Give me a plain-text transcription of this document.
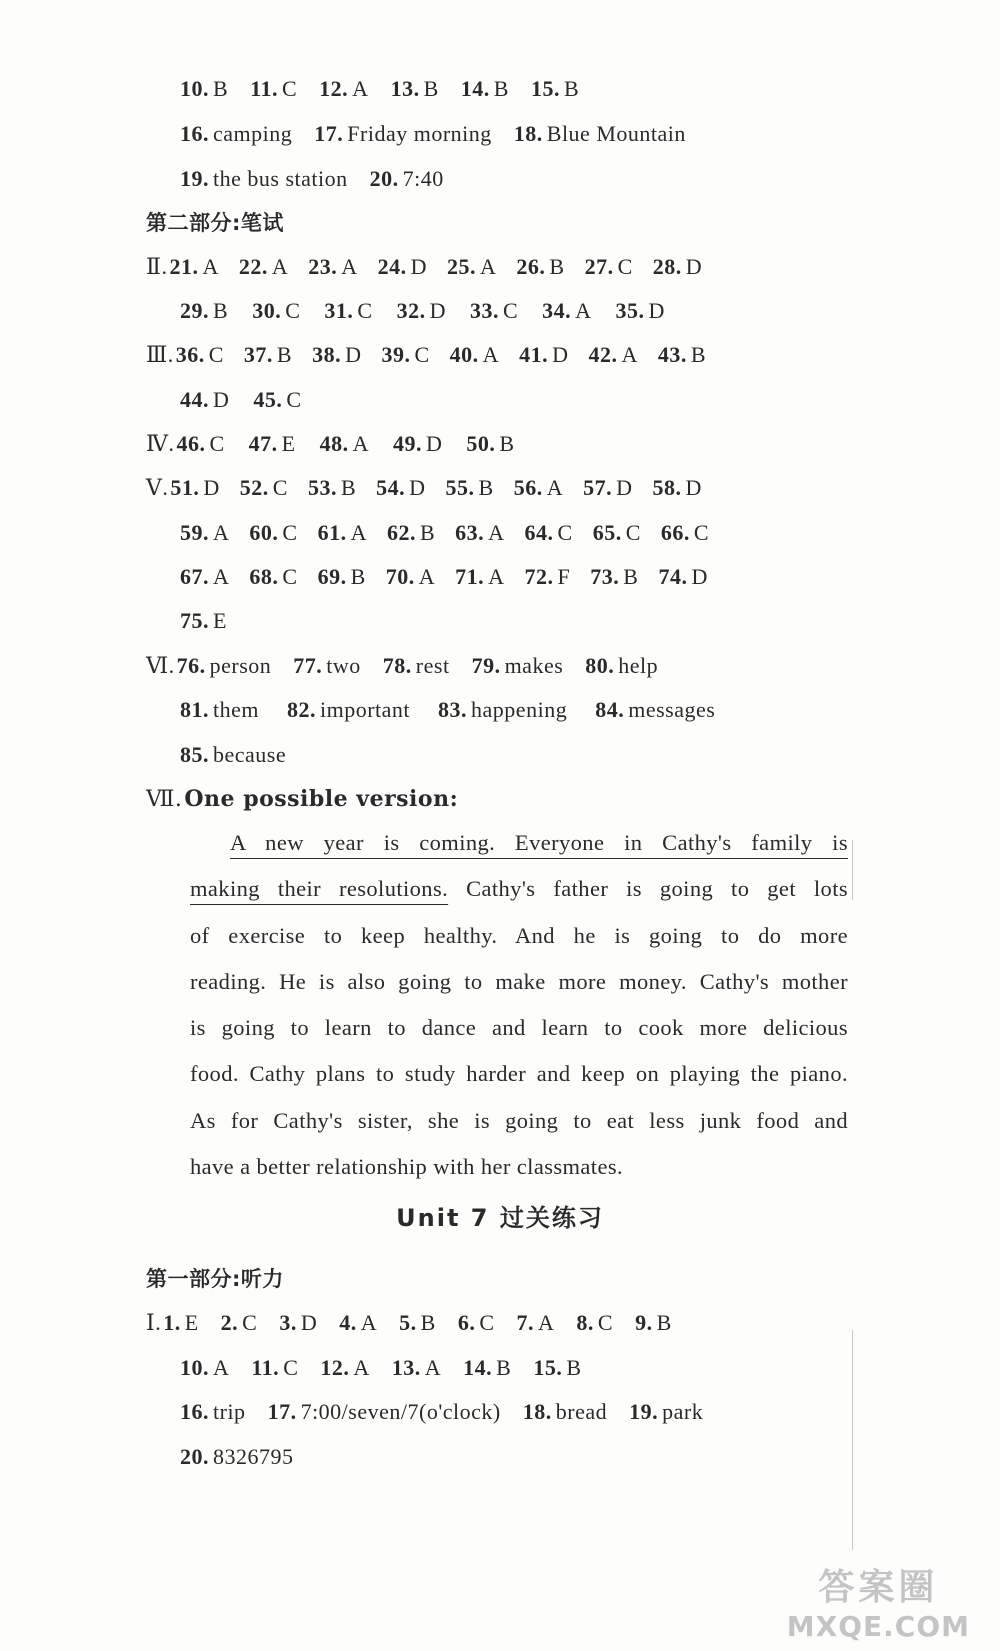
10. B 11. C 12. A 13. B 14. B 15. B
16. camping 17. Friday morning 18. Blue Mountain
19. the bus station 20. 7:40
第二部分:笔试
Ⅱ.21. A 22. A 23. A 24. D 25. A 26. B 27. C 28. D
29. B 30. C 31. C 32. D 33. C 34. A 35. D
Ⅲ.36. C 37. B 38. D 39. C 40. A 41. D 42. A 43. B
44. D 45. C
Ⅳ.46. C 47. E 48. A 49. D 50. B
Ⅴ.51. D 52. C 53. B 54. D 55. B 56. A 57. D 58. D
59. A 60. C 61. A 62. B 63. A 64. C 65. C 66. C
67. A 68. C 69. B 70. A 71. A 72. F 73. B 74. D
75. E
Ⅵ.76. person 77. two 78. rest 79. makes 80. help
81. them 82. important 83. happening 84. messages
85. because
Ⅶ.One possible version:
A new year is coming. Everyone in Cathy's family is
making their resolutions. Cathy's father is going to get lots
of exercise to keep healthy. And he is going to do more
reading. He is also going to make more money. Cathy's mother
is going to learn to dance and learn to cook more delicious
food. Cathy plans to study harder and keep on playing the piano.
As for Cathy's sister, she is going to eat less junk food and
have a better relationship with her classmates.
Unit 7 过关练习
第一部分:听力
Ⅰ.1. E 2. C 3. D 4. A 5. B 6. C 7. A 8. C 9. B
10. A 11. C 12. A 13. A 14. B 15. B
16. trip 17. 7:00/seven/7(o'clock) 18. bread 19. park
20. 8326795
答案圈
MXQE.COM
